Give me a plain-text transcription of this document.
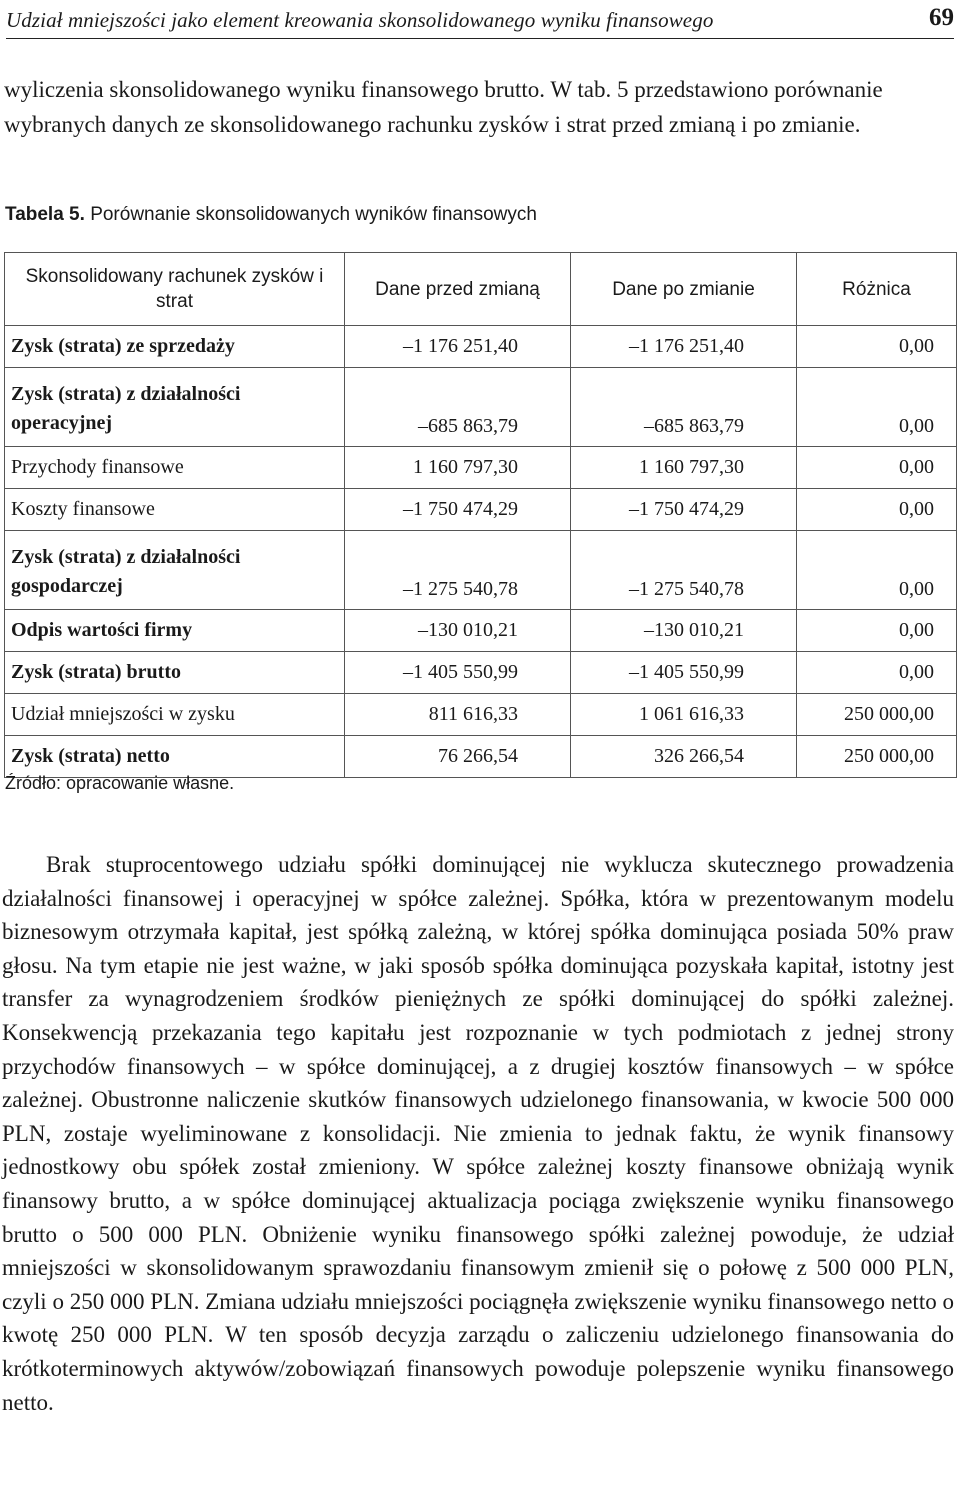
Udział mniejszości jako element kreowania skonsolidowanego wyniku finansowego	69

wyliczenia skonsolidowanego wyniku finansowego brutto. W tab. 5 przedstawiono porównanie wybranych danych ze skonsolidowanego rachunku zysków i strat przed zmianą i po zmianie.

Tabela 5. Porównanie skonsolidowanych wyników finansowych
Skonsolidowany rachunek zysków i strat	Dane przed zmianą	Dane po zmianie	Różnica
Zysk (strata) ze sprzedaży	–1 176 251,40	–1 176 251,40	0,00
Zysk (strata) z działalności operacyjnej	–685 863,79	–685 863,79	0,00
Przychody finansowe	1 160 797,30	1 160 797,30	0,00
Koszty finansowe	–1 750 474,29	–1 750 474,29	0,00
Zysk (strata) z działalności gospodarczej	–1 275 540,78	–1 275 540,78	0,00
Odpis wartości firmy	–130 010,21	–130 010,21	0,00
Zysk (strata) brutto	–1 405 550,99	–1 405 550,99	0,00
Udział mniejszości w zysku	811 616,33	1 061 616,33	250 000,00
Zysk (strata) netto	76 266,54	326 266,54	250 000,00
Źródło: opracowanie własne.

Brak stuprocentowego udziału spółki dominującej nie wyklucza skutecznego prowadzenia działalności finansowej i operacyjnej w spółce zależnej. Spółka, która w prezentowanym modelu biznesowym otrzymała kapitał, jest spółką zależną, w której spółka dominująca posiada 50% praw głosu. Na tym etapie nie jest ważne, w jaki sposób spółka dominująca pozyskała kapitał, istotny jest transfer za wynagrodzeniem środków pieniężnych ze spółki dominującej do spółki zależnej. Konsekwencją przekazania tego kapitału jest rozpoznanie w tych podmiotach z jednej strony przychodów finansowych – w spółce dominującej, a z drugiej kosztów finansowych – w spółce zależnej. Obustronne naliczenie skutków finansowych udzielonego finansowania, w kwocie 500 000 PLN, zostaje wyeliminowane z konsolidacji. Nie zmienia to jednak faktu, że wynik finansowy jednostkowy obu spółek został zmieniony. W spółce zależnej koszty finansowe obniżają wynik finansowy brutto, a w spółce dominującej aktualizacja pociąga zwiększenie wyniku finansowego brutto o 500 000 PLN. Obniżenie wyniku finansowego spółki zależnej powoduje, że udział mniejszości w skonsolidowanym sprawozdaniu finansowym zmienił się o połowę z 500 000 PLN, czyli o 250 000 PLN. Zmiana udziału mniejszości pociągnęła zwiększenie wyniku finansowego netto o kwotę 250 000 PLN. W ten sposób decyzja zarządu o zaliczeniu udzielonego finansowania do krótkoterminowych aktywów/zobowiązań finansowych powoduje polepszenie wyniku finansowego netto.
